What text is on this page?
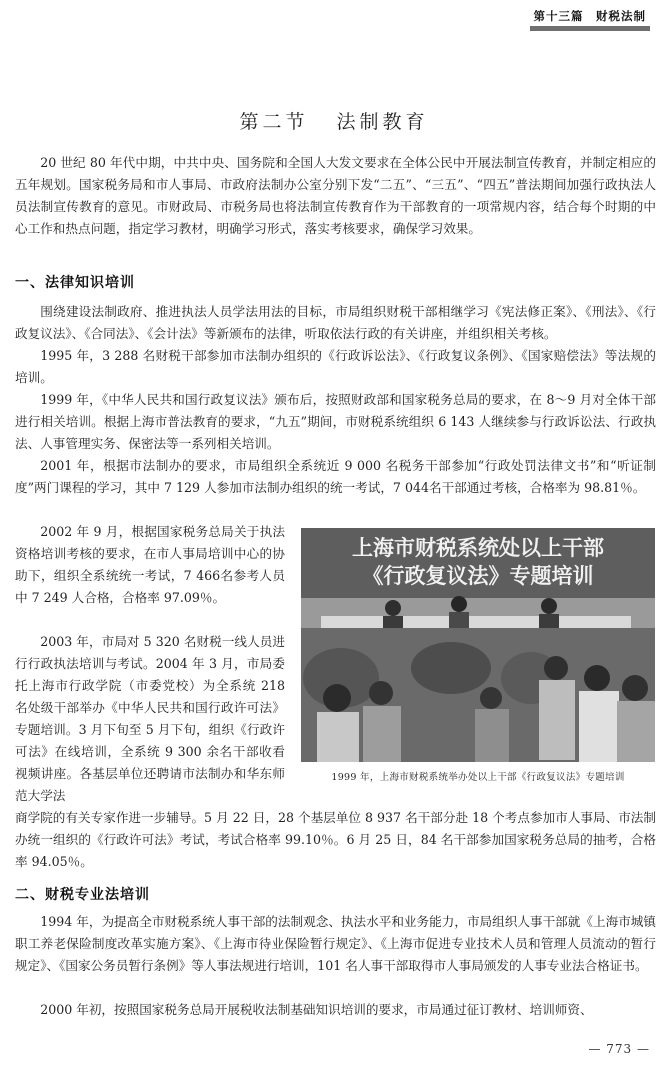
第十三篇　财税法制
第二节 法制教育

20 世纪 80 年代中期，中共中央、国务院和全国人大发文要求在全体公民中开展法制宣传教育，并制定相应的五年规划。国家税务局和市人事局、市政府法制办公室分别下发“二五”、“三五”、“四五”普法期间加强行政执法人员法制宣传教育的意见。市财政局、市税务局也将法制宣传教育作为干部教育的一项常规内容，结合每个时期的中心工作和热点问题，指定学习教材，明确学习形式，落实考核要求，确保学习效果。

一、法律知识培训

围绕建设法制政府、推进执法人员学法用法的目标，市局组织财税干部相继学习《宪法修正案》、《刑法》、《行政复议法》、《合同法》、《会计法》等新颁布的法律，听取依法行政的有关讲座，并组织相关考核。

1995 年，3 288 名财税干部参加市法制办组织的《行政诉讼法》、《行政复议条例》、《国家赔偿法》等法规的培训。

1999 年，《中华人民共和国行政复议法》颁布后，按照财政部和国家税务总局的要求，在 8～9 月对全体干部进行相关培训。根据上海市普法教育的要求，“九五”期间，市财税系统组织 6 143 人继续参与行政诉讼法、行政执法、人事管理实务、保密法等一系列相关培训。

2001 年，根据市法制办的要求，市局组织全系统近 9 000 名税务干部参加“行政处罚法律文书”和“听证制度”两门课程的学习，其中 7 129 人参加市法制办组织的统一考试，7 044名干部通过考核，合格率为 98.81％。

2002 年 9 月，根据国家税务总局关于执法资格培训考核的要求，在市人事局培训中心的协助下，组织全系统统一考试，7 466名参考人员中 7 249 人合格，合格率 97.09％。

2003 年，市局对 5 320 名财税一线人员进行行政执法培训与考试。2004 年 3 月，市局委托上海市行政学院（市委党校）为全系统 218 名处级干部举办《中华人民共和国行政许可法》专题培训。3 月下旬至 5 月下旬，组织《行政许可法》在线培训，全系统 9 300 余名干部收看视频讲座。各基层单位还聘请市法制办和华东师范大学法

商学院的有关专家作进一步辅导。5 月 22 日，28 个基层单位 8 937 名干部分赴 18 个考点参加市人事局、市法制办统一组织的《行政许可法》考试，考试合格率 99.10％。6 月 25 日，84 名干部参加国家税务总局的抽考，合格率 94.05％。

上海市财税系统处以上干部
《行政复议法》专题培训
1999 年，上海市财税系统举办处以上干部《行政复议法》专题培训
二、财税专业法培训

1994 年，为提高全市财税系统人事干部的法制观念、执法水平和业务能力，市局组织人事干部就《上海市城镇职工养老保险制度改革实施方案》、《上海市待业保险暂行规定》、《上海市促进专业技术人员和管理人员流动的暂行规定》、《国家公务员暂行条例》等人事法规进行培训，101 名人事干部取得市人事局颁发的人事专业法合格证书。

2000 年初，按照国家税务总局开展税收法制基础知识培训的要求，市局通过征订教材、培训师资、

— 773 —
